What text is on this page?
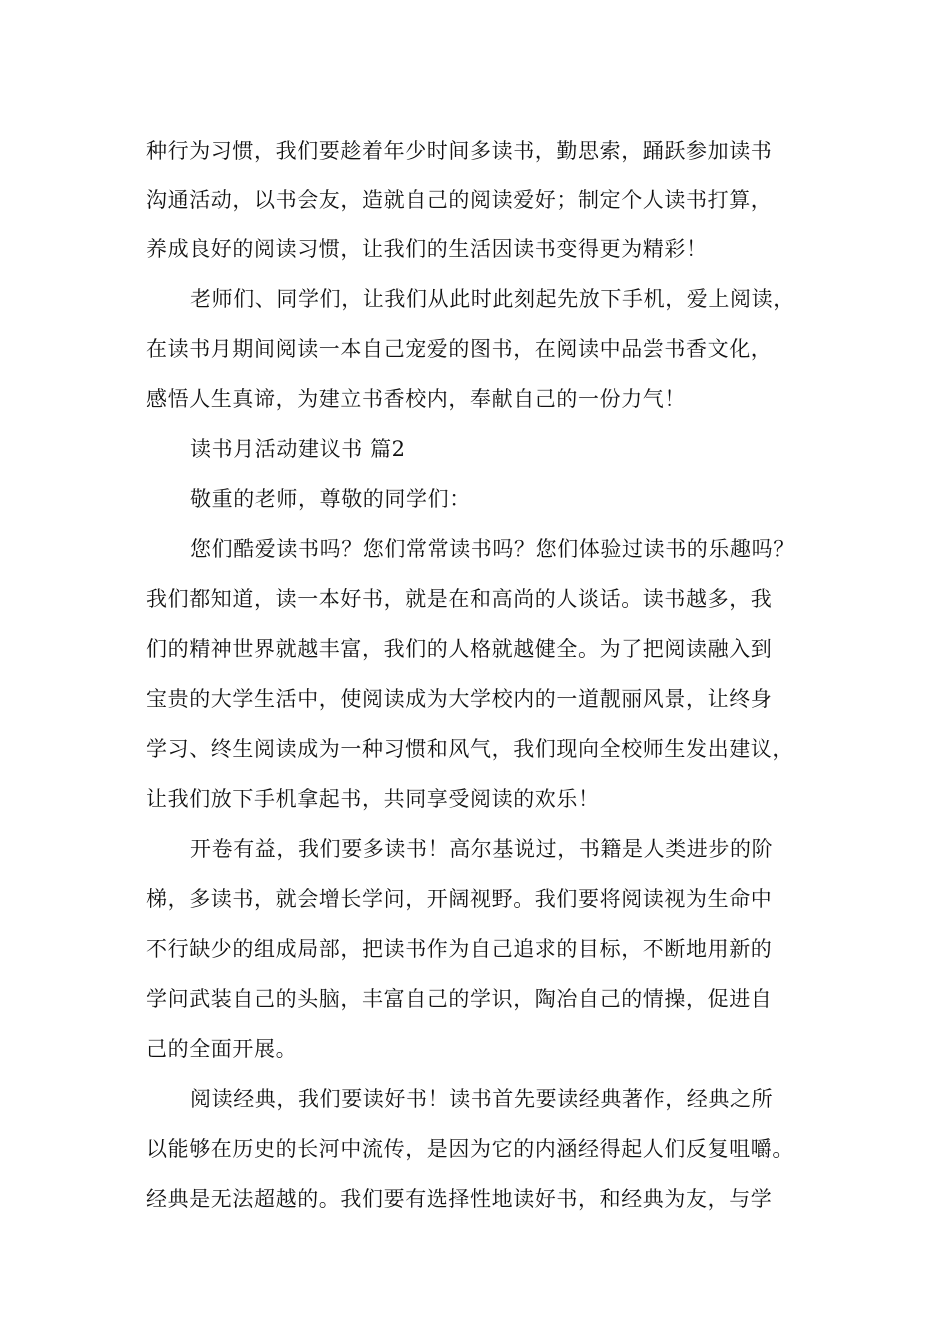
种行为习惯，我们要趁着年少时间多读书，勤思索，踊跃参加读书
沟通活动，以书会友，造就自己的阅读爱好；制定个人读书打算，
养成良好的阅读习惯，让我们的生活因读书变得更为精彩！
老师们、同学们，让我们从此时此刻起先放下手机，爱上阅读，
在读书月期间阅读一本自己宠爱的图书，在阅读中品尝书香文化，
感悟人生真谛，为建立书香校内，奉献自己的一份力气！
读书月活动建议书 篇2
敬重的老师，尊敬的同学们：
您们酷爱读书吗？您们常常读书吗？您们体验过读书的乐趣吗？
我们都知道，读一本好书，就是在和高尚的人谈话。读书越多，我
们的精神世界就越丰富，我们的人格就越健全。为了把阅读融入到
宝贵的大学生活中，使阅读成为大学校内的一道靓丽风景，让终身
学习、终生阅读成为一种习惯和风气，我们现向全校师生发出建议，
让我们放下手机拿起书，共同享受阅读的欢乐！
开卷有益，我们要多读书！高尔基说过，书籍是人类进步的阶
梯，多读书，就会增长学问，开阔视野。我们要将阅读视为生命中
不行缺少的组成局部，把读书作为自己追求的目标，不断地用新的
学问武装自己的头脑，丰富自己的学识，陶冶自己的情操，促进自
己的全面开展。
阅读经典，我们要读好书！读书首先要读经典著作，经典之所
以能够在历史的长河中流传，是因为它的内涵经得起人们反复咀嚼。
经典是无法超越的。我们要有选择性地读好书，和经典为友，与学
